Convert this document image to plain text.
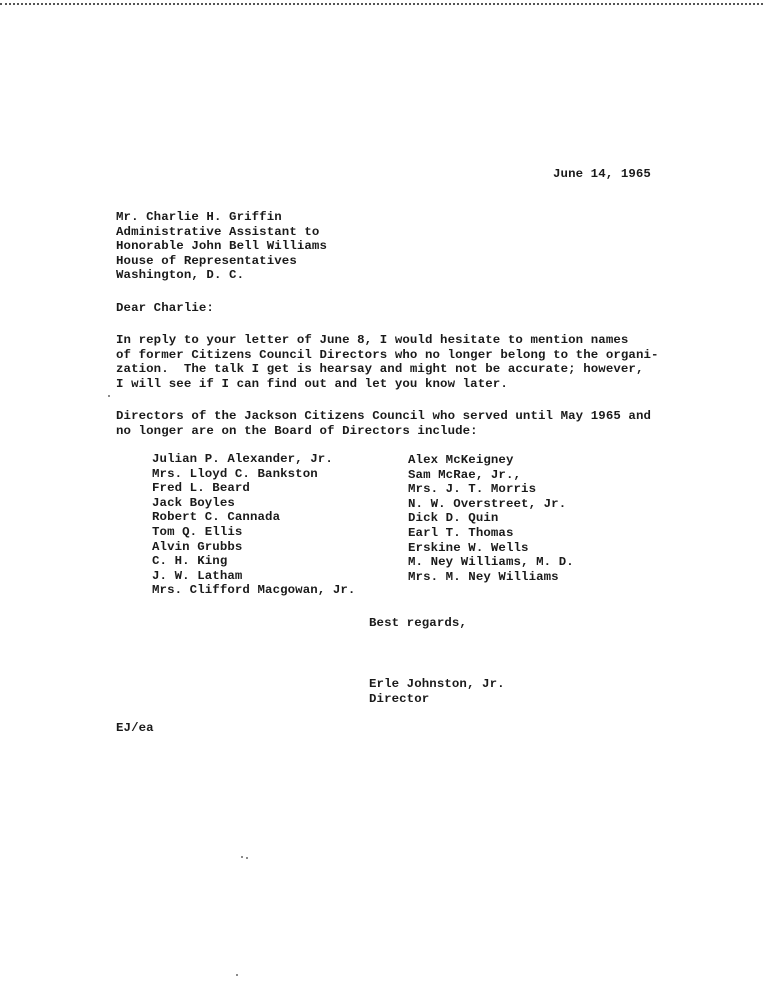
June 14, 1965

Mr. Charlie H. Griffin
Administrative Assistant to
Honorable John Bell Williams
House of Representatives
Washington, D. C.

Dear Charlie:

In reply to your letter of June 8, I would hesitate to mention names
of former Citizens Council Directors who no longer belong to the organi-
zation.  The talk I get is hearsay and might not be accurate; however,
I will see if I can find out and let you know later.
Directors of the Jackson Citizens Council who served until May 1965 and
no longer are on the Board of Directors include:
Julian P. Alexander, Jr.
Mrs. Lloyd C. Bankston
Fred L. Beard
Jack Boyles
Robert C. Cannada
Tom Q. Ellis
Alvin Grubbs
C. H. King
J. W. Latham
Mrs. Clifford Macgowan, Jr.
Alex McKeigney
Sam McRae, Jr.,
Mrs. J. T. Morris
N. W. Overstreet, Jr.
Dick D. Quin
Earl T. Thomas
Erskine W. Wells
M. Ney Williams, M. D.
Mrs. M. Ney Williams

Best regards,

Erle Johnston, Jr.
Director

EJ/ea
